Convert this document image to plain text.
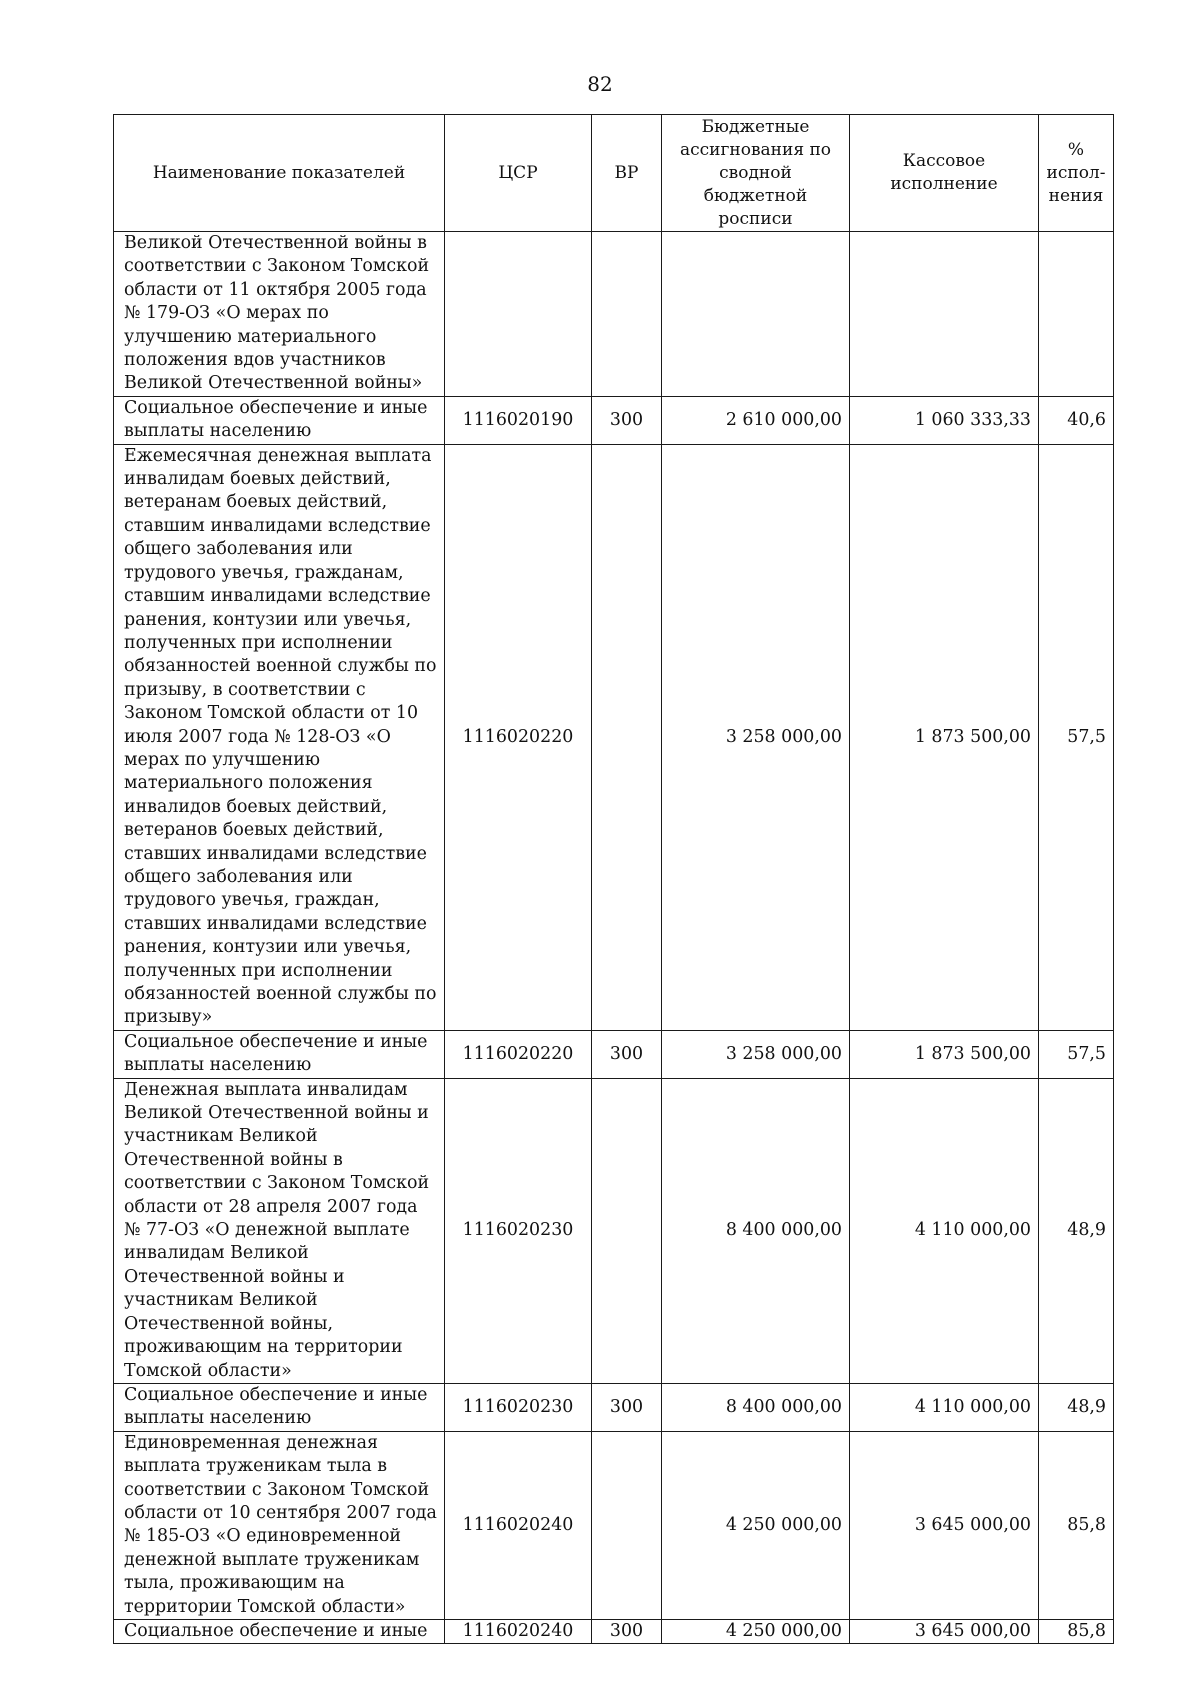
82
Наименование показателей	ЦСР	ВР	Бюджетные ассигнования по сводной бюджетной росписи	Кассовое исполнение	% испол-нения
Великой Отечественной войны в соответствии с Законом Томской области от 11 октября 2005 года № 179-ОЗ «О мерах по улучшению материального положения вдов участников Великой Отечественной войны»					
Социальное обеспечение и иные выплаты населению	1116020190	300	2 610 000,00	1 060 333,33	40,6
Ежемесячная денежная выплата инвалидам боевых действий, ветеранам боевых действий, ставшим инвалидами вследствие общего заболевания или трудового увечья, гражданам, ставшим инвалидами вследствие ранения, контузии или увечья, полученных при исполнении обязанностей военной службы по призыву, в соответствии с Законом Томской области от 10 июля 2007 года № 128-ОЗ «О мерах по улучшению материального положения инвалидов боевых действий, ветеранов боевых действий, ставших инвалидами вследствие общего заболевания или трудового увечья, граждан, ставших инвалидами вследствие ранения, контузии или увечья, полученных при исполнении обязанностей военной службы по призыву»	1116020220		3 258 000,00	1 873 500,00	57,5
Социальное обеспечение и иные выплаты населению	1116020220	300	3 258 000,00	1 873 500,00	57,5
Денежная выплата инвалидам Великой Отечественной войны и участникам Великой Отечественной войны в соответствии с Законом Томской области от 28 апреля 2007 года № 77-ОЗ «О денежной выплате инвалидам Великой Отечественной войны и участникам Великой Отечественной войны, проживающим на территории Томской области»	1116020230		8 400 000,00	4 110 000,00	48,9
Социальное обеспечение и иные выплаты населению	1116020230	300	8 400 000,00	4 110 000,00	48,9
Единовременная денежная выплата труженикам тыла в соответствии с Законом Томской области от 10 сентября 2007 года № 185-ОЗ «О единовременной денежной выплате труженикам тыла, проживающим на территории Томской области»	1116020240		4 250 000,00	3 645 000,00	85,8
Социальное обеспечение и иные	1116020240	300	4 250 000,00	3 645 000,00	85,8
